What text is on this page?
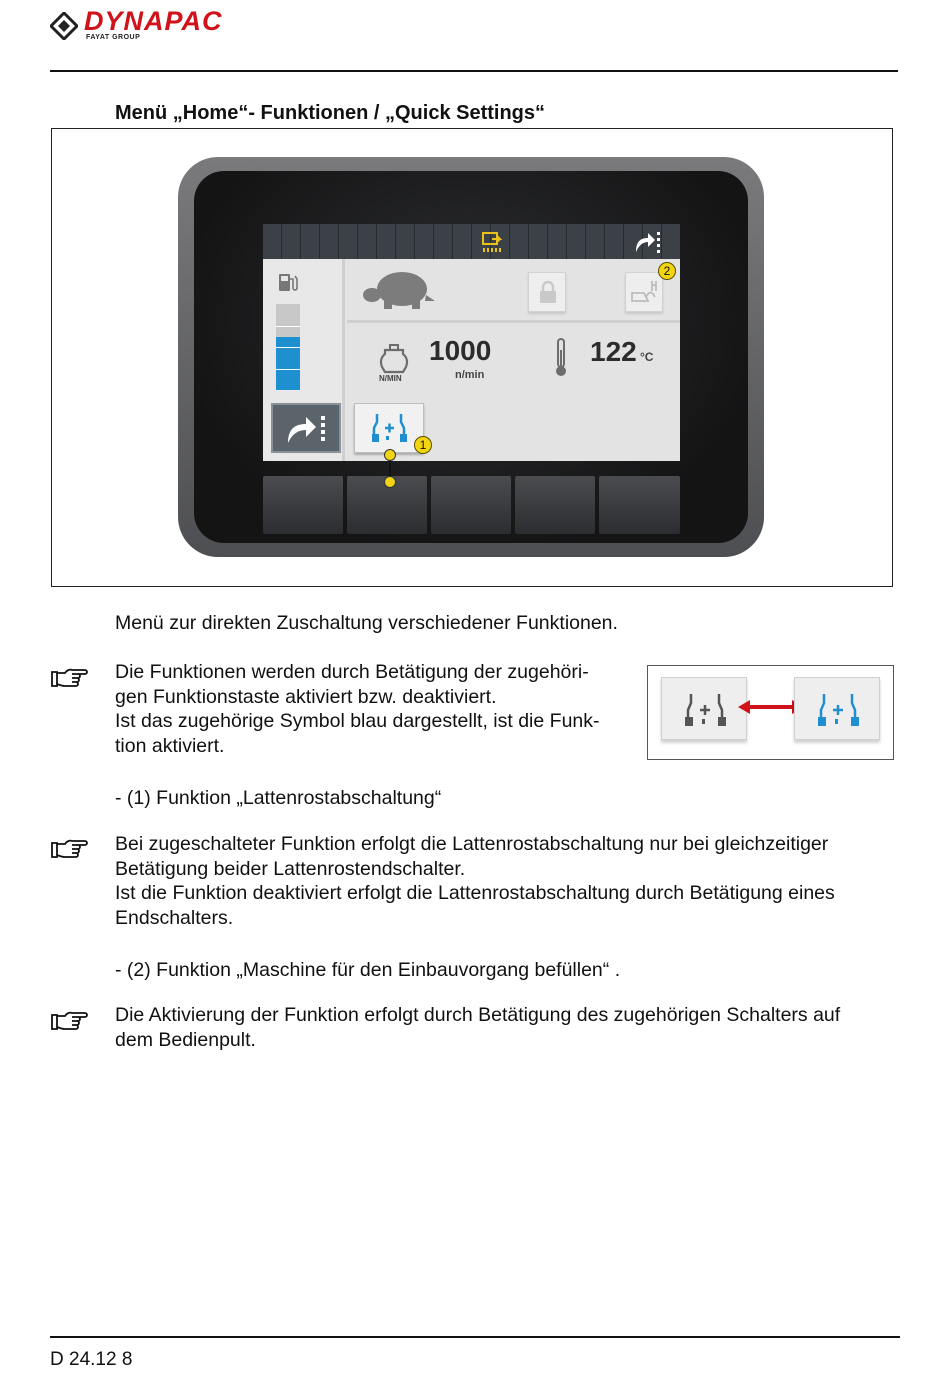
DYNAPAC
FAYAT GROUP
Menü „Home“- Funktionen / „Quick Settings“
N/MIN
1000
n/min
122 °C
1
2
Menü zur direkten Zuschaltung verschiedener Funktionen.
Die Funktionen werden durch Betätigung der zugehöri-
gen Funktionstaste aktiviert bzw. deaktiviert.
Ist das zugehörige Symbol blau dargestellt, ist die Funk-
tion aktiviert.
- (1) Funktion „Lattenrostabschaltung“
Bei zugeschalteter Funktion erfolgt die Lattenrostabschaltung nur bei gleichzeitiger
Betätigung beider Lattenrostendschalter.
Ist die Funktion deaktiviert erfolgt die Lattenrostabschaltung durch Betätigung eines
Endschalters.
- (2) Funktion „Maschine für den Einbauvorgang befüllen“ .
Die Aktivierung der Funktion erfolgt durch Betätigung des zugehörigen Schalters auf
dem Bedienpult.
D 24.12 8
